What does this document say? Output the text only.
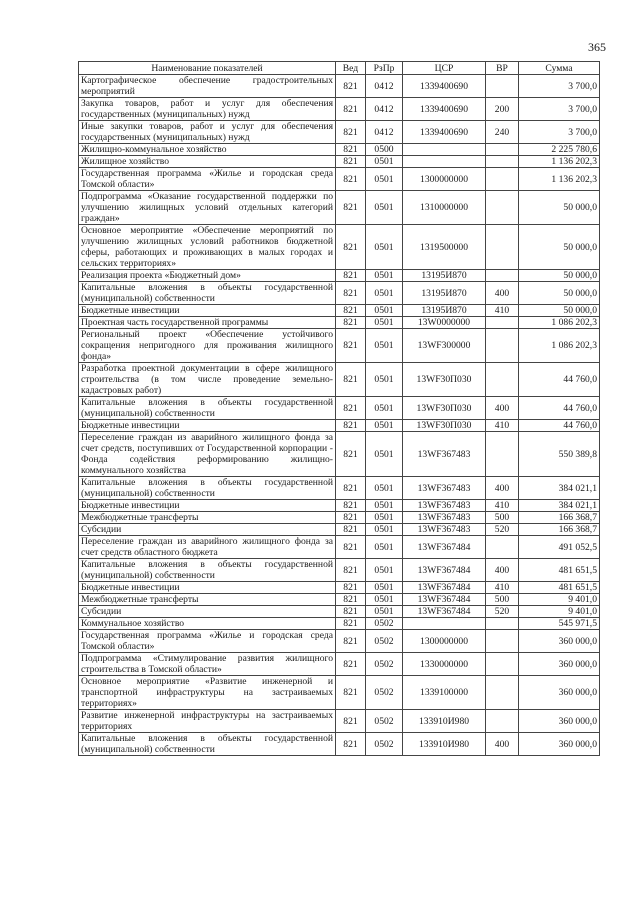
365
Наименование показателей	Вед	РзПр	ЦСР	ВР	Сумма
Картографическое обеспечение градостроительных мероприятий	821	0412	1339400690		3 700,0
Закупка товаров, работ и услуг для обеспечения государственных (муниципальных) нужд	821	0412	1339400690	200	3 700,0
Иные закупки товаров, работ и услуг для обеспечения государственных (муниципальных) нужд	821	0412	1339400690	240	3 700,0
Жилищно-коммунальное хозяйство	821	0500			2 225 780,6
Жилищное хозяйство	821	0501			1 136 202,3
Государственная программа «Жилье и городская среда Томской области»	821	0501	1300000000		1 136 202,3
Подпрограмма «Оказание государственной поддержки по улучшению жилищных условий отдельных категорий граждан»	821	0501	1310000000		50 000,0
Основное мероприятие «Обеспечение мероприятий по улучшению жилищных условий работников бюджетной сферы, работающих и проживающих в малых городах и сельских территориях»	821	0501	1319500000		50 000,0
Реализация проекта «Бюджетный дом»	821	0501	13195И870		50 000,0
Капитальные вложения в объекты государственной (муниципальной) собственности	821	0501	13195И870	400	50 000,0
Бюджетные инвестиции	821	0501	13195И870	410	50 000,0
Проектная часть государственной программы	821	0501	13W0000000		1 086 202,3
Региональный проект «Обеспечение устойчивого сокращения непригодного для проживания жилищного фонда»	821	0501	13WF300000		1 086 202,3
Разработка проектной документации в сфере жилищного строительства (в том числе проведение земельно-кадастровых работ)	821	0501	13WF30П030		44 760,0
Капитальные вложения в объекты государственной (муниципальной) собственности	821	0501	13WF30П030	400	44 760,0
Бюджетные инвестиции	821	0501	13WF30П030	410	44 760,0
Переселение граждан из аварийного жилищного фонда за счет средств, поступивших от Государственной корпорации - Фонда содействия реформированию жилищно-коммунального хозяйства	821	0501	13WF367483		550 389,8
Капитальные вложения в объекты государственной (муниципальной) собственности	821	0501	13WF367483	400	384 021,1
Бюджетные инвестиции	821	0501	13WF367483	410	384 021,1
Межбюджетные трансферты	821	0501	13WF367483	500	166 368,7
Субсидии	821	0501	13WF367483	520	166 368,7
Переселение граждан из аварийного жилищного фонда за счет средств областного бюджета	821	0501	13WF367484		491 052,5
Капитальные вложения в объекты государственной (муниципальной) собственности	821	0501	13WF367484	400	481 651,5
Бюджетные инвестиции	821	0501	13WF367484	410	481 651,5
Межбюджетные трансферты	821	0501	13WF367484	500	9 401,0
Субсидии	821	0501	13WF367484	520	9 401,0
Коммунальное хозяйство	821	0502			545 971,5
Государственная программа «Жилье и городская среда Томской области»	821	0502	1300000000		360 000,0
Подпрограмма «Стимулирование развития жилищного строительства в Томской области»	821	0502	1330000000		360 000,0
Основное мероприятие «Развитие инженерной и транспортной инфраструктуры на застраиваемых территориях»	821	0502	1339100000		360 000,0
Развитие инженерной инфраструктуры на застраиваемых территориях	821	0502	133910И980		360 000,0
Капитальные вложения в объекты государственной (муниципальной) собственности	821	0502	133910И980	400	360 000,0
